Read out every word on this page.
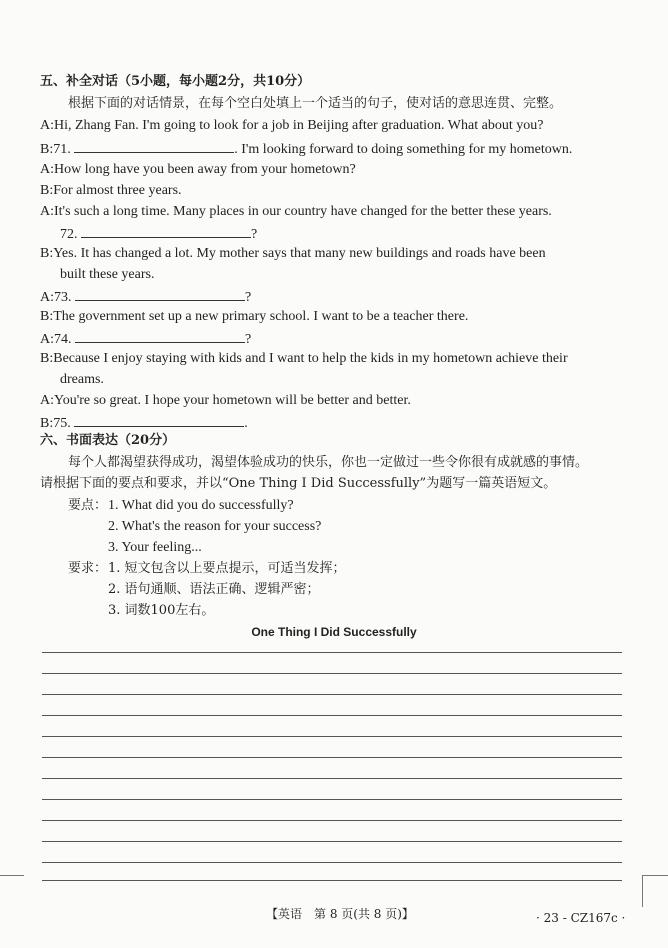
五、补全对话（5小题，每小题2分，共10分）
根据下面的对话情景，在每个空白处填上一个适当的句子，使对话的意思连贯、完整。
A:Hi, Zhang Fan. I'm going to look for a job in Beijing after graduation. What about you?
B:71.	. I'm looking forward to doing something for my hometown.
A:How long have you been away from your hometown?
B:For almost three years.
A:It's such a long time. Many places in our country have changed for the better these years.
72.	?
B:Yes. It has changed a lot. My mother says that many new buildings and roads have been
built these years.
A:73.	?
B:The government set up a new primary school. I want to be a teacher there.
A:74.	?
B:Because I enjoy staying with kids and I want to help the kids in my hometown achieve their
dreams.
A:You're so great. I hope your hometown will be better and better.
B:75.	.
六、书面表达（20分）
每个人都渴望获得成功，渴望体验成功的快乐，你也一定做过一些令你很有成就感的事情。
请根据下面的要点和要求，并以“One Thing I Did Successfully”为题写一篇英语短文。
要点： 1. What did you do successfully?
2. What's the reason for your success?
3. Your feeling...
要求： 1. 短文包含以上要点提示，可适当发挥；
2. 语句通顺、语法正确、逻辑严密；
3. 词数100左右。
One Thing I Did Successfully
【英语　第 8 页(共 8 页)】	· 23 - CZ167c ·
